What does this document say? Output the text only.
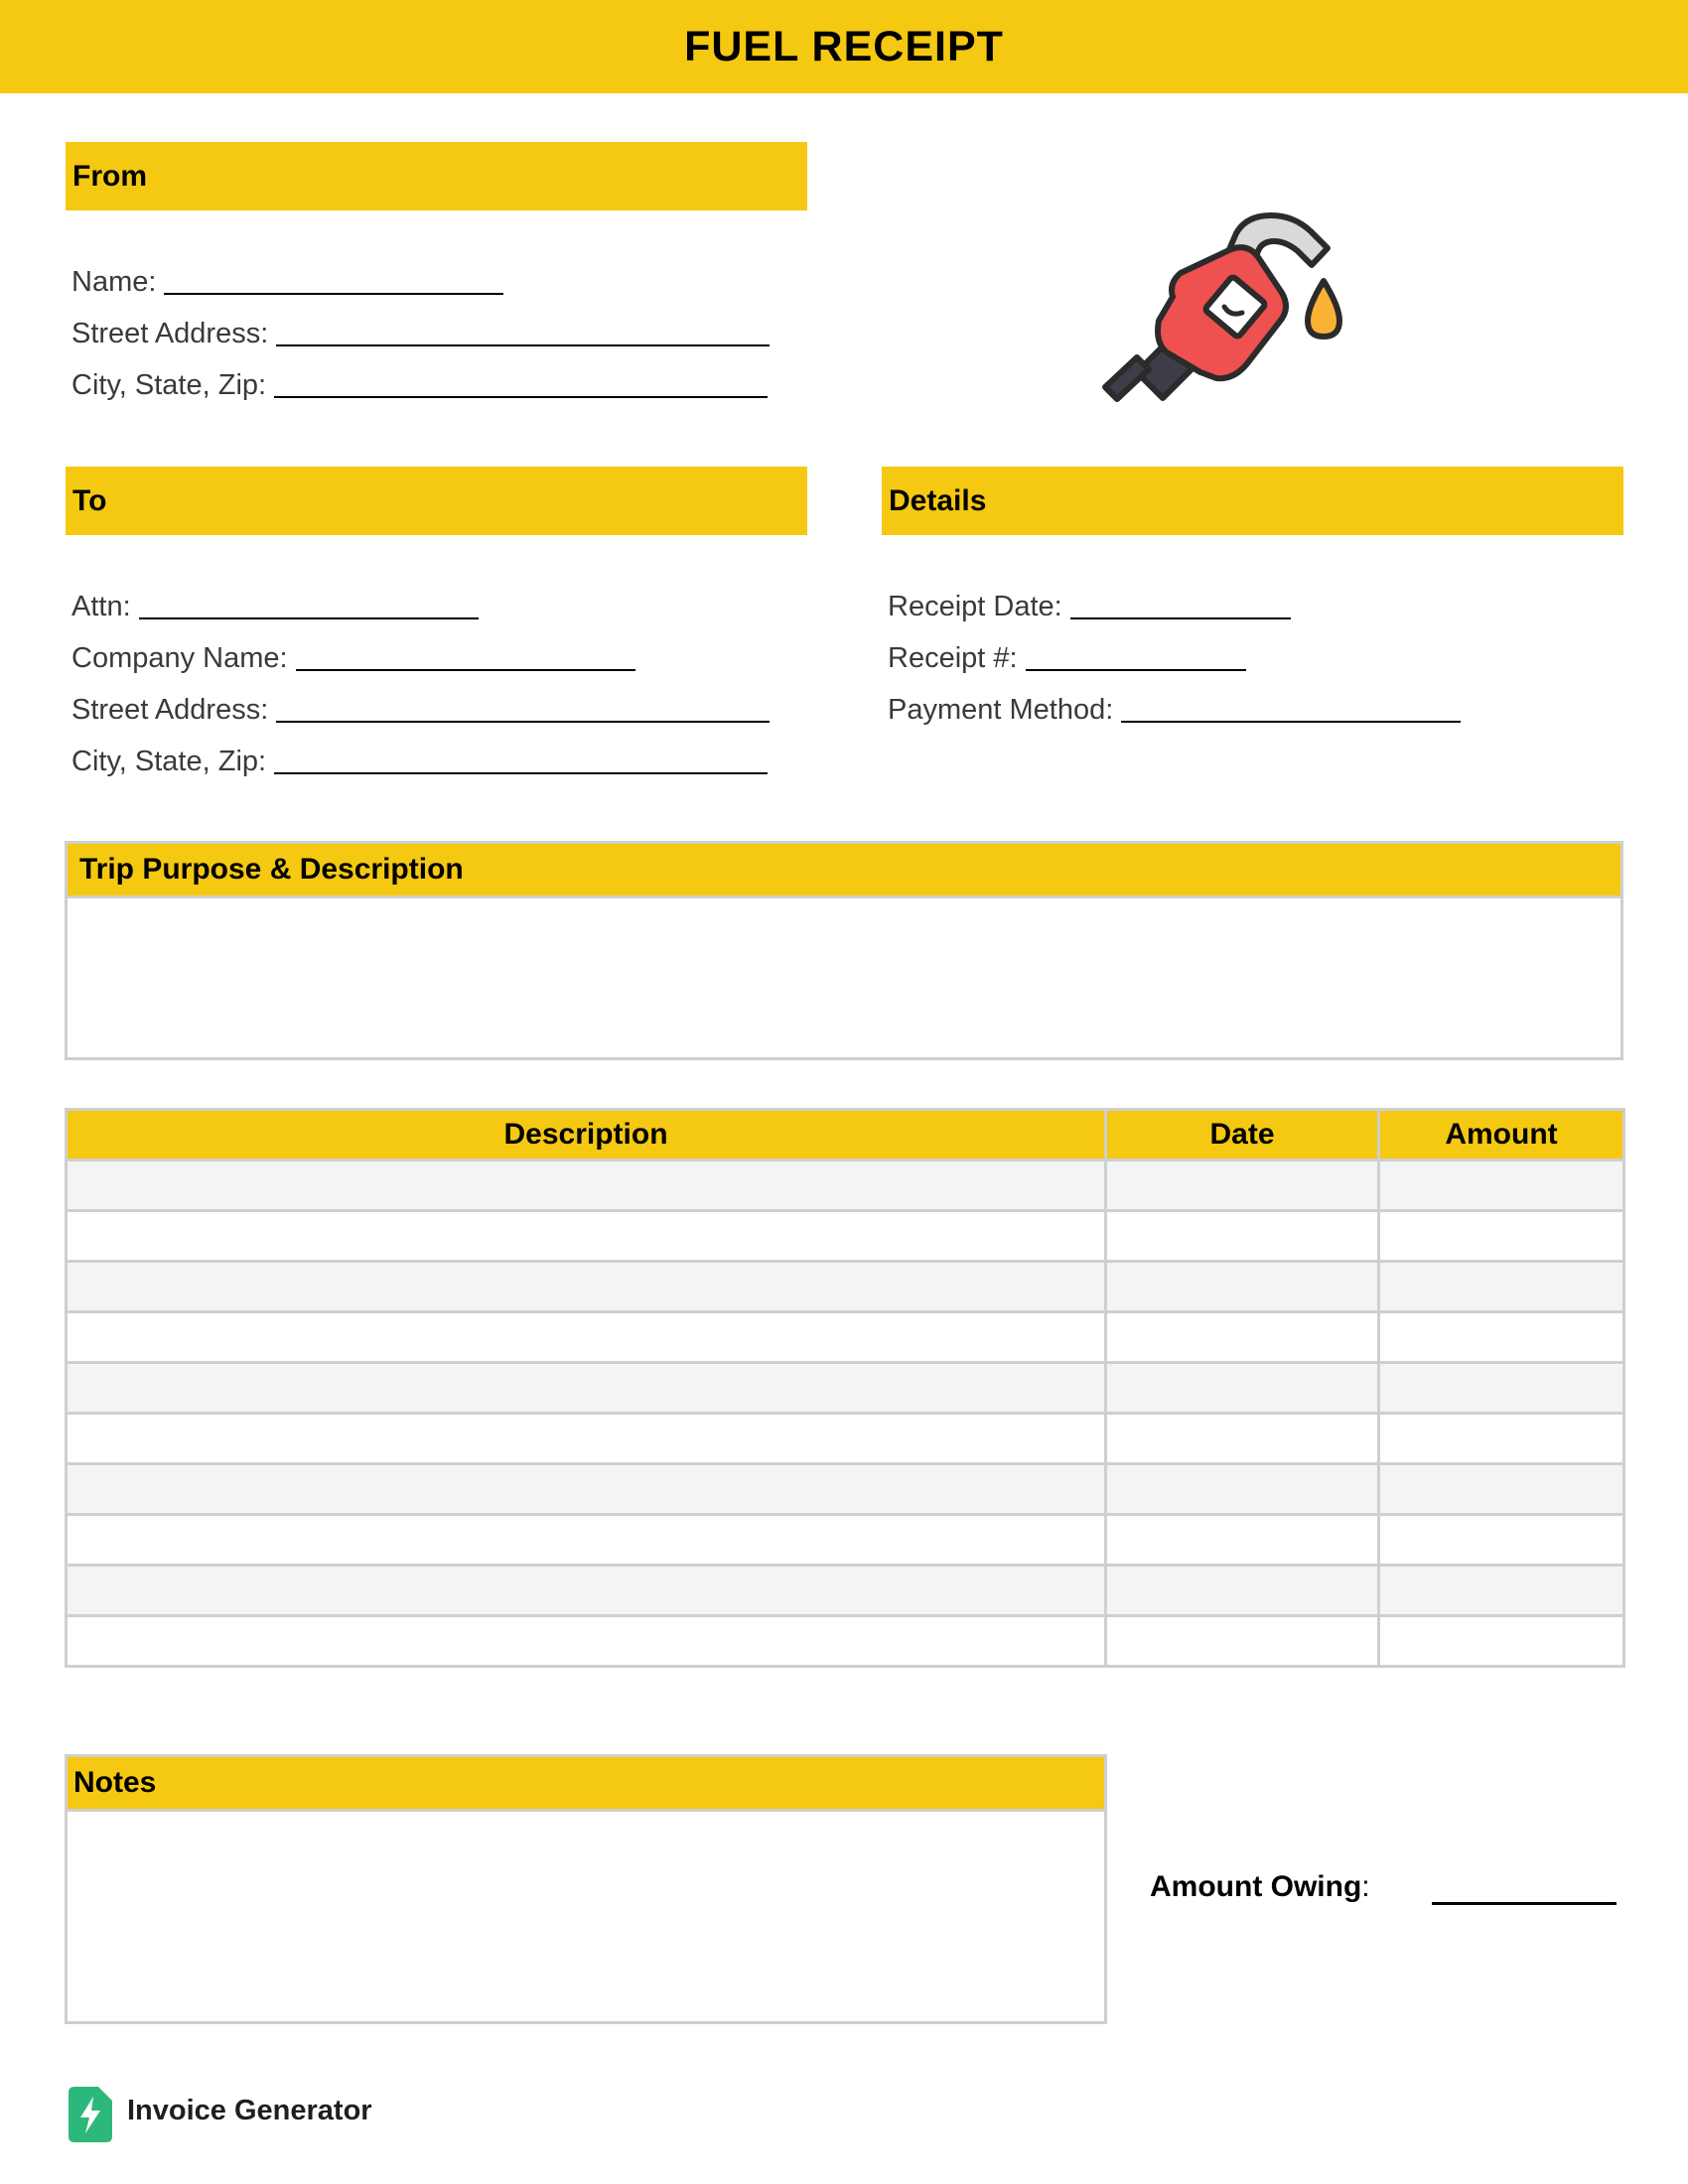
FUEL RECEIPT
From
Name:
Street Address:
City, State, Zip:
To
Attn:
Company Name:
Street Address:
City, State, Zip:
Details
Receipt Date:
Receipt #:
Payment Method:
Trip Purpose & Description
Description	Date	Amount

Notes
Amount Owing :
Invoice Generator
